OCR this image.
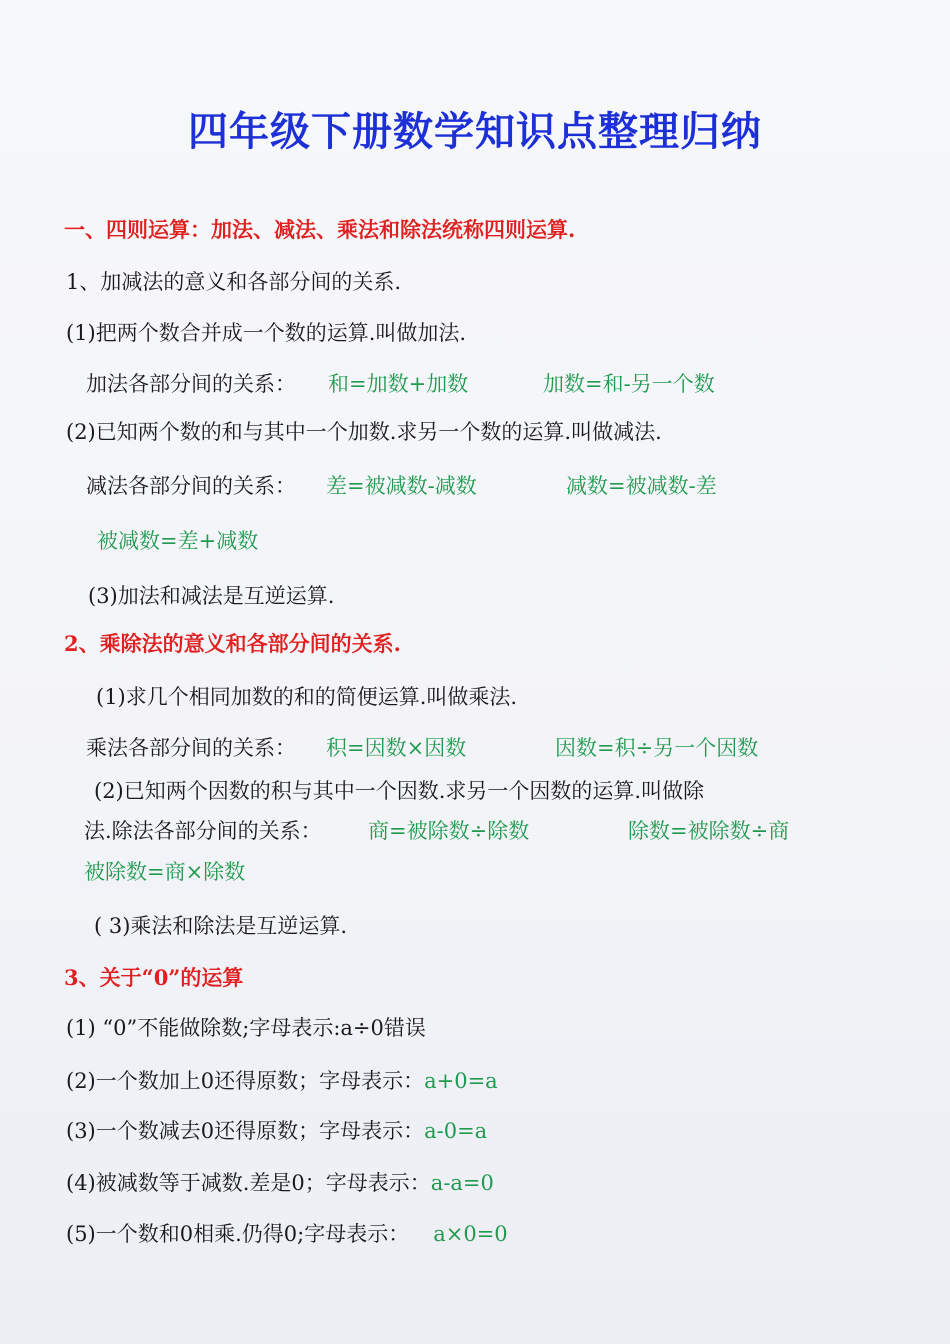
四年级下册数学知识点整理归纳
一、四则运算：加法、减法、乘法和除法统称四则运算.
1、加减法的意义和各部分间的关系.
(1)把两个数合并成一个数的运算.叫做加法.
加法各部分间的关系： 和=加数+加数	加数=和-另一个数
(2)已知两个数的和与其中一个加数.求另一个数的运算.叫做减法.
减法各部分间的关系： 差=被减数-减数	减数=被减数-差
被减数=差+减数
(3)加法和减法是互逆运算.
2、乘除法的意义和各部分间的关系.
(1)求几个相同加数的和的简便运算.叫做乘法.
乘法各部分间的关系： 积=因数×因数	因数=积÷另一个因数
(2)已知两个因数的积与其中一个因数.求另一个因数的运算.叫做除
法.除法各部分间的关系： 商=被除数÷除数	除数=被除数÷商
被除数=商×除数
( 3)乘法和除法是互逆运算.
3、关于“0”的运算
(1) “0”不能做除数;字母表示:a÷0错误
(2)一个数加上0还得原数；字母表示：a+0=a
(3)一个数减去0还得原数；字母表示：a-0=a
(4)被减数等于减数.差是0；字母表示：a-a=0
(5)一个数和0相乘.仍得0;字母表示： a×0=0
